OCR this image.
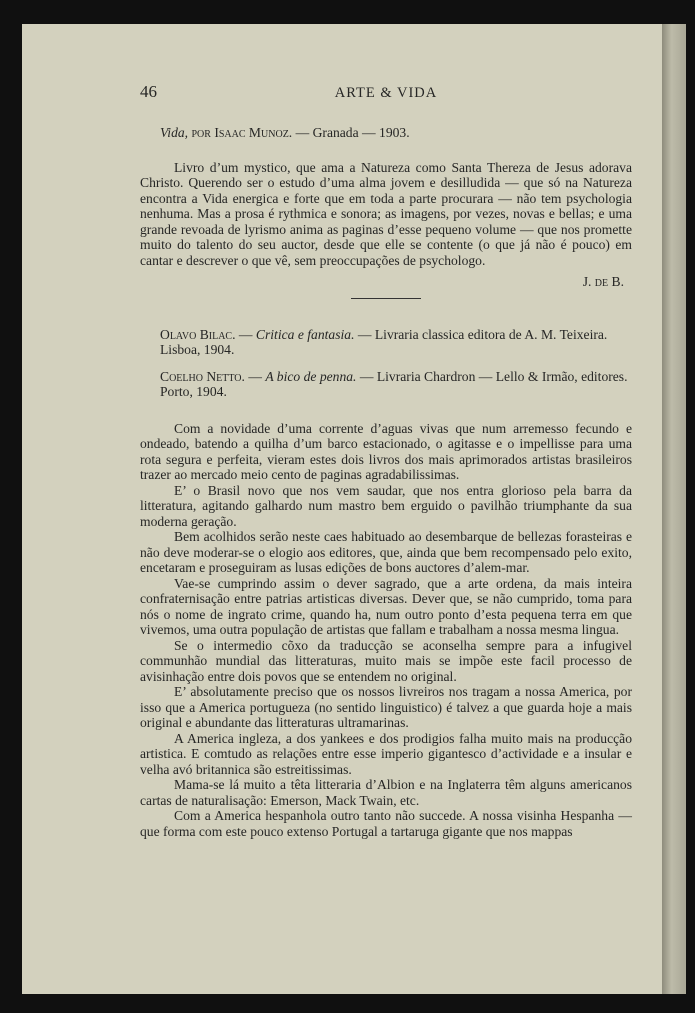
46	ARTE & VIDA
Vida, por Isaac Munoz. — Granada — 1903.

Livro d’um mystico, que ama a Natureza como Santa Thereza de Jesus adorava Christo. Querendo ser o estudo d’uma alma jovem e desilludida — que só na Natureza encontra a Vida energica e forte que em toda a parte procurara — não tem psychologia nenhuma. Mas a prosa é rythmica e sonora; as imagens, por vezes, novas e bellas; e uma grande revoada de lyrismo anima as paginas d’esse pequeno volume — que nos promette muito do talento do seu auctor, desde que elle se contente (o que já não é pouco) em cantar e descrever o que vê, sem preoccupações de psychologo.

J. de B.
Olavo Bilac. — Critica e fantasia. — Livraria classica editora de A. M. Teixeira. Lisboa, 1904.
Coelho Netto. — A bico de penna. — Livraria Chardron — Lello & Irmão, editores. Porto, 1904.

Com a novidade d’uma corrente d’aguas vivas que num arremesso fecundo e ondeado, batendo a quilha d’um barco estacionado, o agitasse e o impellisse para uma rota segura e perfeita, vieram estes dois livros dos mais aprimorados artistas brasileiros trazer ao mercado meio cento de paginas agradabilissimas.

E’ o Brasil novo que nos vem saudar, que nos entra glorioso pela barra da litteratura, agitando galhardo num mastro bem erguido o pavilhão triumphante da sua moderna geração.

Bem acolhidos serão neste caes habituado ao desembarque de bellezas forasteiras e não deve moderar-se o elogio aos editores, que, ainda que bem recompensado pelo exito, encetaram e proseguiram as lusas edições de bons auctores d’alem-mar.

Vae-se cumprindo assim o dever sagrado, que a arte ordena, da mais inteira confraternisação entre patrias artisticas diversas. Dever que, se não cumprido, toma para nós o nome de ingrato crime, quando ha, num outro ponto d’esta pequena terra em que vivemos, uma outra população de artistas que fallam e trabalham a nossa mesma lingua.

Se o intermedio cõxo da traducção se aconselha sempre para a infugivel communhão mundial das litteraturas, muito mais se impõe este facil processo de avisinhação entre dois povos que se entendem no original.

E’ absolutamente preciso que os nossos livreiros nos tragam a nossa America, por isso que a America portugueza (no sentido linguistico) é talvez a que guarda hoje a mais original e abundante das litteraturas ultramarinas.

A America ingleza, a dos yankees e dos prodigios falha muito mais na producção artistica. E comtudo as relações entre esse imperio gigantesco d’actividade e a insular e velha avó britannica são estreitissimas.

Mama-se lá muito a têta litteraria d’Albion e na Inglaterra têm alguns americanos cartas de naturalisação: Emerson, Mack Twain, etc.

Com a America hespanhola outro tanto não succede. A nossa visinha Hespanha — que forma com este pouco extenso Portugal a tartaruga gigante que nos mappas
